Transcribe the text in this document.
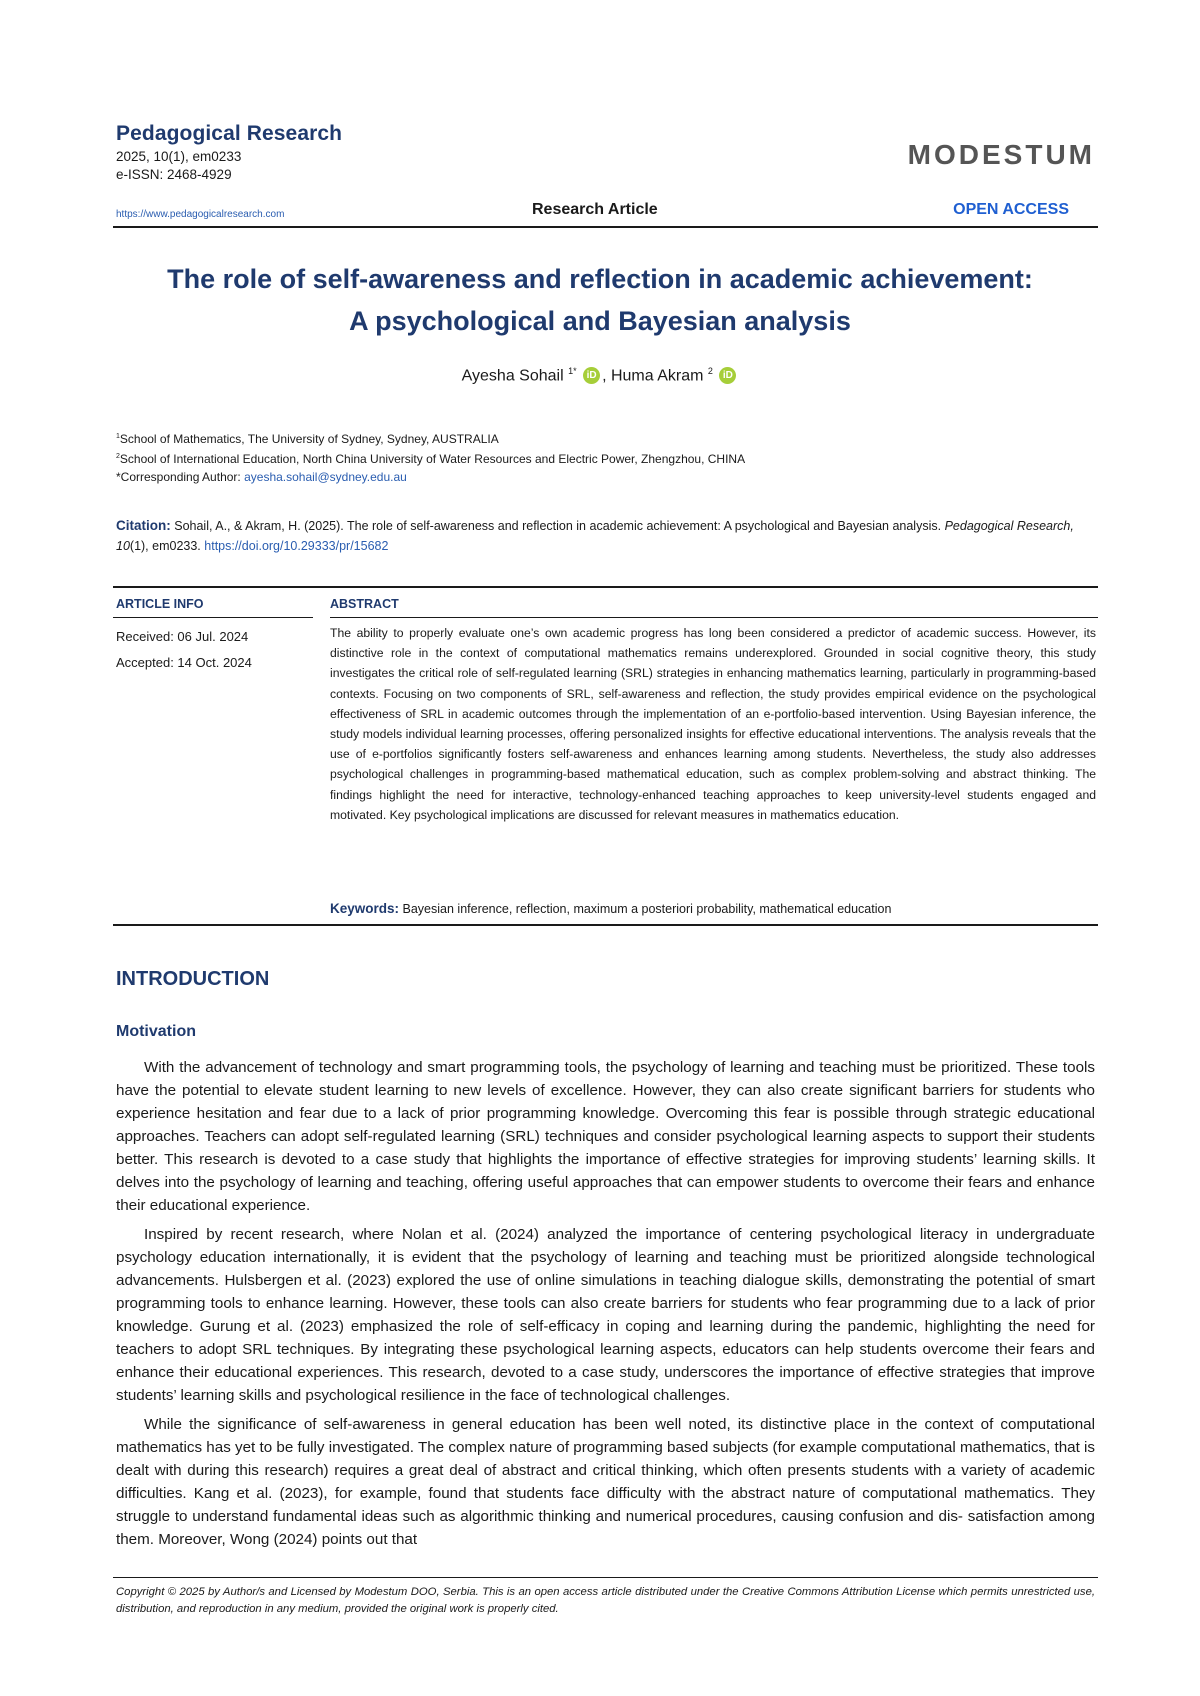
Pedagogical Research
2025, 10(1), em0233
e-ISSN: 2468-4929
https://www.pedagogicalresearch.com
MODESTUM
Research Article	OPEN ACCESS
The role of self-awareness and reflection in academic achievement:
A psychological and Bayesian analysis
Ayesha Sohail $^{1*}$ iD , Huma Akram $^2$ iD
$^1$School of Mathematics, The University of Sydney, Sydney, AUSTRALIA
$^2$School of International Education, North China University of Water Resources and Electric Power, Zhengzhou, CHINA
*Corresponding Author: ayesha.sohail@sydney.edu.au
Citation: Sohail, A., & Akram, H. (2025). The role of self-awareness and reflection in academic achievement: A psychological and Bayesian analysis. Pedagogical Research, 10(1), em0233. https://doi.org/10.29333/pr/15682
ARTICLE INFO	ABSTRACT
Received: 06 Jul. 2024
Accepted: 14 Oct. 2024
The ability to properly evaluate one’s own academic progress has long been considered a predictor of academic success. However, its distinctive role in the context of computational mathematics remains underexplored. Grounded in social cognitive theory, this study investigates the critical role of self-regulated learning (SRL) strategies in enhancing mathematics learning, particularly in programming-based contexts. Focusing on two components of SRL, self-awareness and reflection, the study provides empirical evidence on the psychological effectiveness of SRL in academic outcomes through the implementation of an e-portfolio-based intervention. Using Bayesian inference, the study models individual learning processes, offering personalized insights for effective educational interventions. The analysis reveals that the use of e-portfolios significantly fosters self-awareness and enhances learning among students. Nevertheless, the study also addresses psychological challenges in programming-based mathematical education, such as complex problem-solving and abstract thinking. The findings highlight the need for interactive, technology-enhanced teaching approaches to keep university-level students engaged and motivated. Key psychological implications are discussed for relevant measures in mathematics education.
Keywords: Bayesian inference, reflection, maximum a posteriori probability, mathematical education
INTRODUCTION
Motivation

With the advancement of technology and smart programming tools, the psychology of learning and teaching must be prioritized. These tools have the potential to elevate student learning to new levels of excellence. However, they can also create significant barriers for students who experience hesitation and fear due to a lack of prior programming knowledge. Overcoming this fear is possible through strategic educational approaches. Teachers can adopt self-regulated learning (SRL) techniques and consider psychological learning aspects to support their students better. This research is devoted to a case study that highlights the importance of effective strategies for improving students’ learning skills. It delves into the psychology of learning and teaching, offering useful approaches that can empower students to overcome their fears and enhance their educational experience.

Inspired by recent research, where Nolan et al. (2024) analyzed the importance of centering psychological literacy in undergraduate psychology education internationally, it is evident that the psychology of learning and teaching must be prioritized alongside technological advancements. Hulsbergen et al. (2023) explored the use of online simulations in teaching dialogue skills, demonstrating the potential of smart programming tools to enhance learning. However, these tools can also create barriers for students who fear programming due to a lack of prior knowledge. Gurung et al. (2023) emphasized the role of self-efficacy in coping and learning during the pandemic, highlighting the need for teachers to adopt SRL techniques. By integrating these psychological learning aspects, educators can help students overcome their fears and enhance their educational experiences. This research, devoted to a case study, underscores the importance of effective strategies that improve students’ learning skills and psychological resilience in the face of technological challenges.

While the significance of self-awareness in general education has been well noted, its distinctive place in the context of computational mathematics has yet to be fully investigated. The complex nature of programming based subjects (for example computational mathematics, that is dealt with during this research) requires a great deal of abstract and critical thinking, which often presents students with a variety of academic difficulties. Kang et al. (2023), for example, found that students face difficulty with the abstract nature of computational mathematics. They struggle to understand fundamental ideas such as algorithmic thinking and numerical procedures, causing confusion and dis- satisfaction among them. Moreover, Wong (2024) points out that

Copyright © 2025 by Author/s and Licensed by Modestum DOO, Serbia. This is an open access article distributed under the Creative Commons Attribution License which permits unrestricted use, distribution, and reproduction in any medium, provided the original work is properly cited.
